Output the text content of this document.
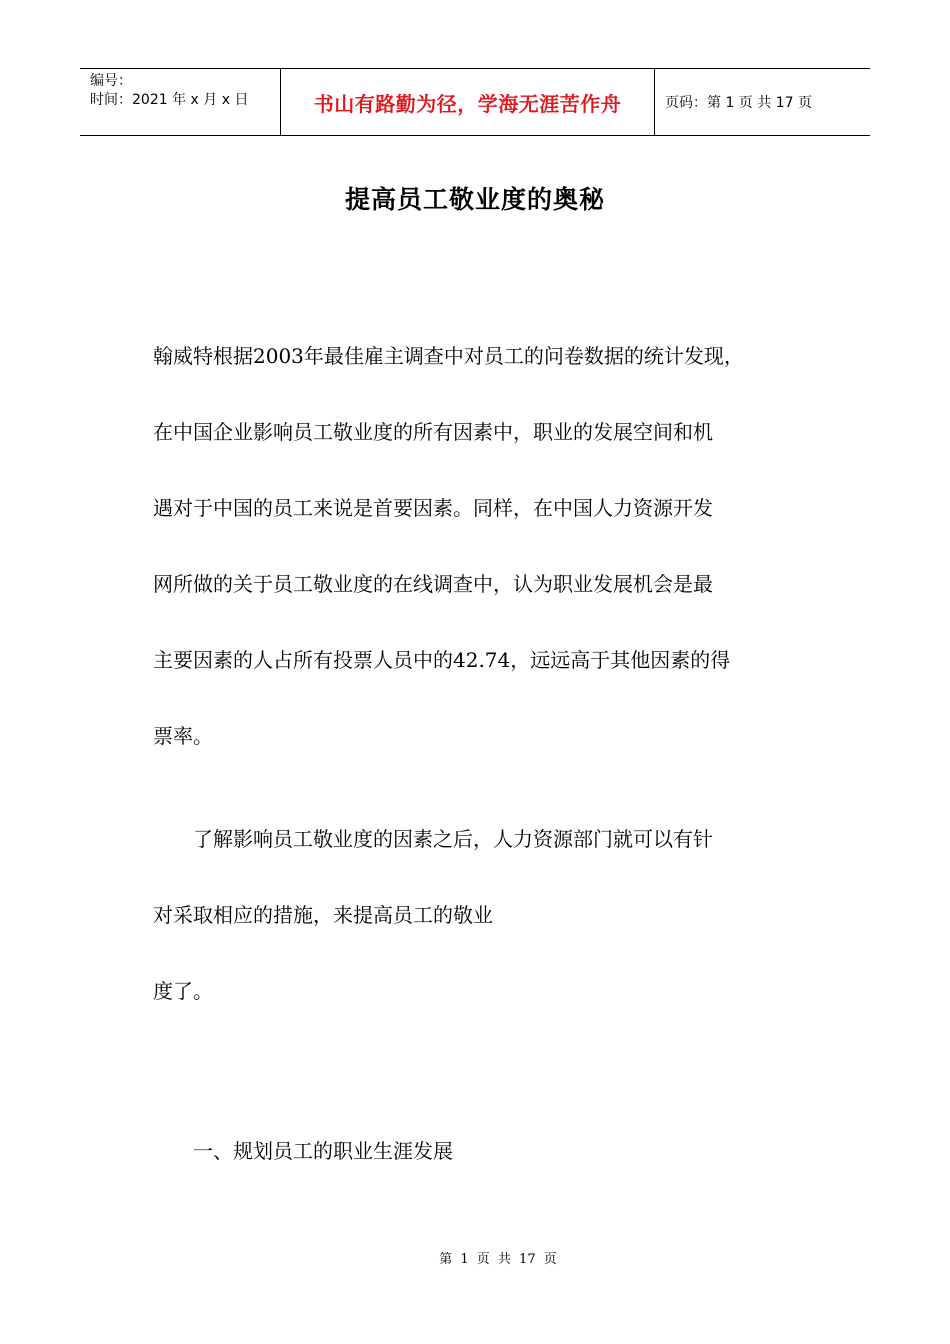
编号：
时间：2021 年 x 月 x 日	书山有路勤为径，学海无涯苦作舟	页码：第 1 页 共 17 页
提高员工敬业度的奥秘
翰威特根据2003年最佳雇主调查中对员工的问卷数据的统计发现，
在中国企业影响员工敬业度的所有因素中，职业的发展空间和机
遇对于中国的员工来说是首要因素。同样，在中国人力资源开发
网所做的关于员工敬业度的在线调查中，认为职业发展机会是最
主要因素的人占所有投票人员中的42.74，远远高于其他因素的得
票率。
　　了解影响员工敬业度的因素之后，人力资源部门就可以有针
对采取相应的措施，来提高员工的敬业
度了。
　　一、规划员工的职业生涯发展
第 1 页 共 17 页
